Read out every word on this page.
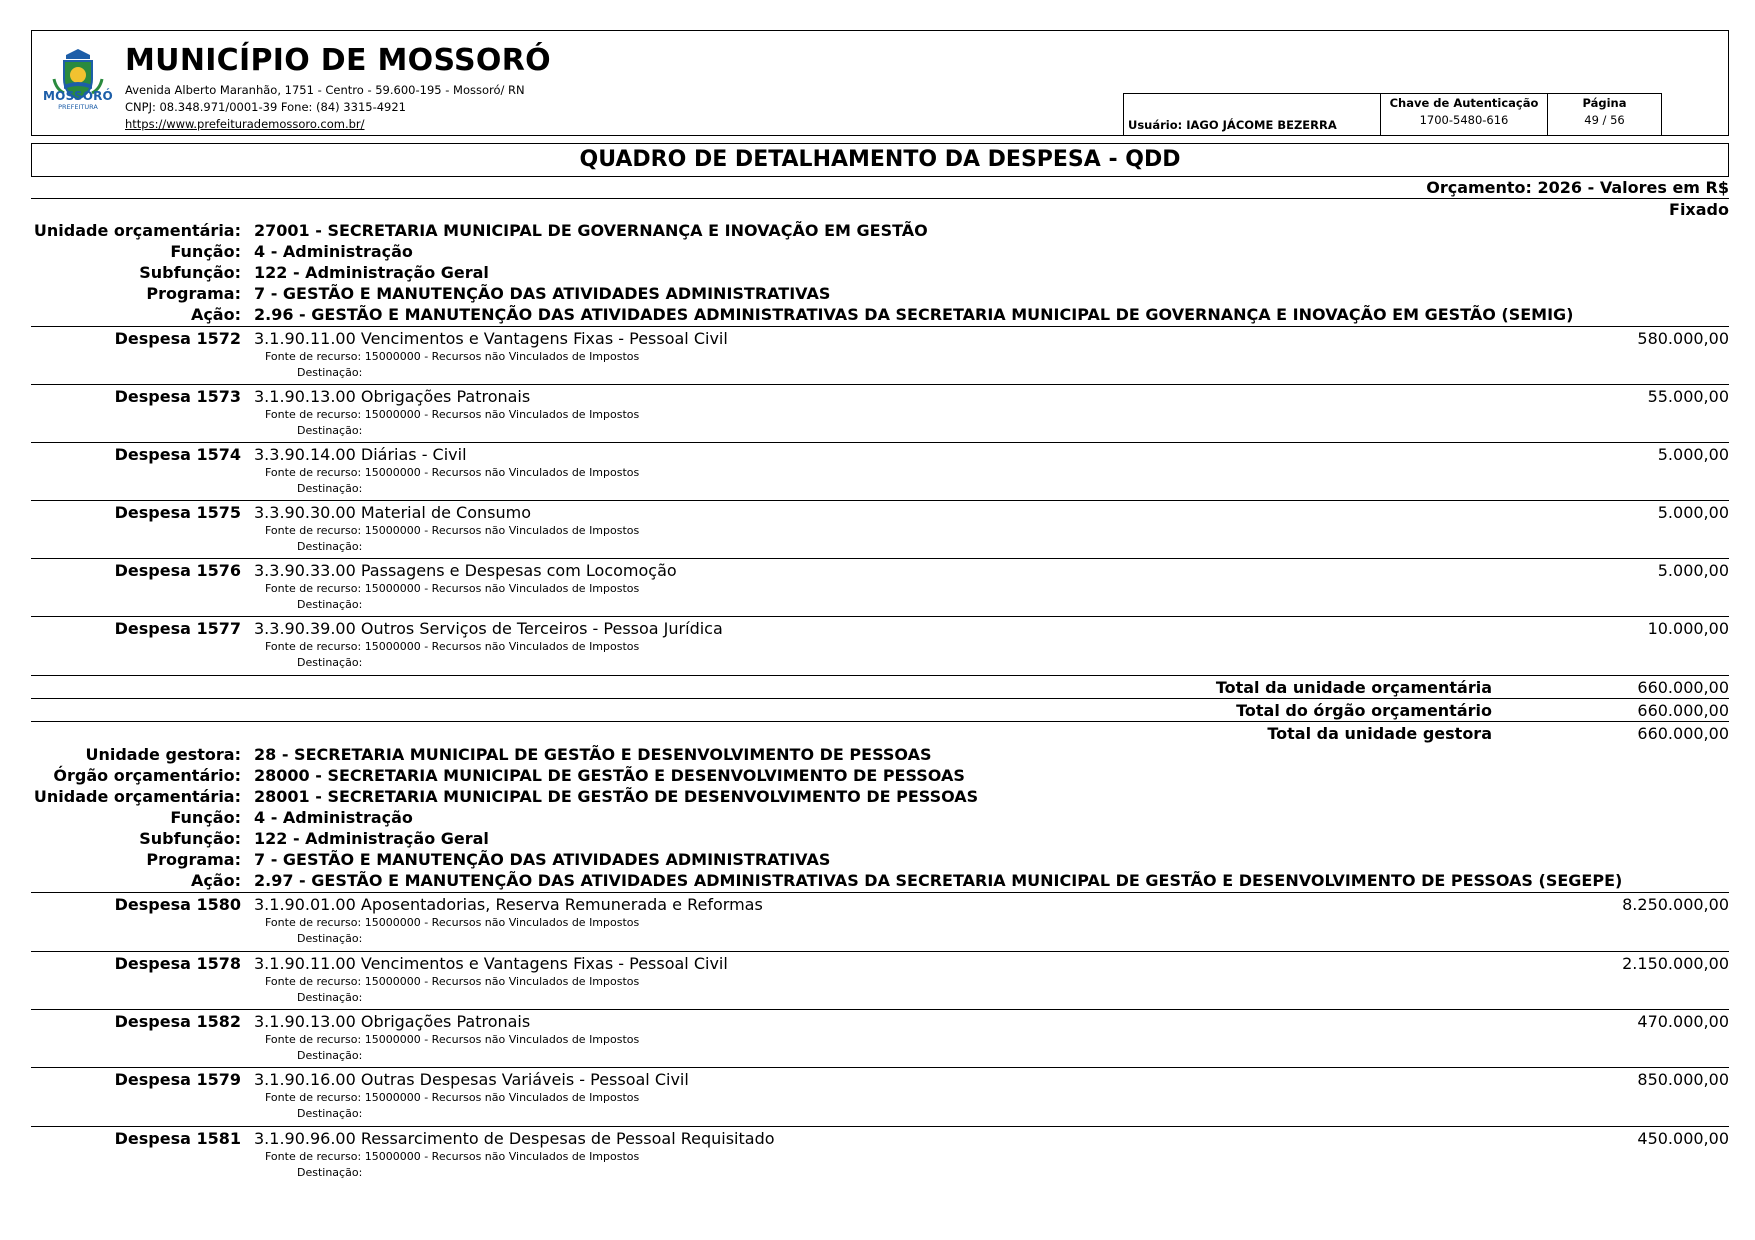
MOSSORÓ
PREFEITURA
MUNICÍPIO DE MOSSORÓ
Avenida Alberto Maranhão, 1751 - Centro - 59.600-195 - Mossoró/ RN
CNPJ: 08.348.971/0001-39 Fone: (84) 3315-4921
https://www.prefeiturademossoro.com.br/	Usuário: IAGO JÁCOME BEZERRA
Chave de Autenticação
1700-5480-616
Página
49 / 56
QUADRO DE DETALHAMENTO DA DESPESA - QDD
Orçamento: 2026 - Valores em R$
Fixado
Unidade orçamentária: 27001 - SECRETARIA MUNICIPAL DE GOVERNANÇA E INOVAÇÃO EM GESTÃO
Função: 4 - Administração
Subfunção: 122 - Administração Geral
Programa: 7 - GESTÃO E MANUTENÇÃO DAS ATIVIDADES ADMINISTRATIVAS
Ação: 2.96 - GESTÃO E MANUTENÇÃO DAS ATIVIDADES ADMINISTRATIVAS DA SECRETARIA MUNICIPAL DE GOVERNANÇA E INOVAÇÃO EM GESTÃO (SEMIG)
Despesa 1572 3.1.90.11.00 Vencimentos e Vantagens Fixas - Pessoal Civil
Fonte de recurso: 15000000 - Recursos não Vinculados de Impostos
Destinação:
580.000,00
Despesa 1573 3.1.90.13.00 Obrigações Patronais
Fonte de recurso: 15000000 - Recursos não Vinculados de Impostos
Destinação:
55.000,00
Despesa 1574 3.3.90.14.00 Diárias - Civil
Fonte de recurso: 15000000 - Recursos não Vinculados de Impostos
Destinação:
5.000,00
Despesa 1575 3.3.90.30.00 Material de Consumo
Fonte de recurso: 15000000 - Recursos não Vinculados de Impostos
Destinação:
5.000,00
Despesa 1576 3.3.90.33.00 Passagens e Despesas com Locomoção
Fonte de recurso: 15000000 - Recursos não Vinculados de Impostos
Destinação:
5.000,00
Despesa 1577 3.3.90.39.00 Outros Serviços de Terceiros - Pessoa Jurídica
Fonte de recurso: 15000000 - Recursos não Vinculados de Impostos
Destinação:
10.000,00
Total da unidade orçamentária	660.000,00
Total do órgão orçamentário	660.000,00
Total da unidade gestora	660.000,00
Unidade gestora: 28 - SECRETARIA MUNICIPAL DE GESTÃO E DESENVOLVIMENTO DE PESSOAS
Órgão orçamentário: 28000 - SECRETARIA MUNICIPAL DE GESTÃO E DESENVOLVIMENTO DE PESSOAS
Unidade orçamentária: 28001 - SECRETARIA MUNICIPAL DE GESTÃO DE DESENVOLVIMENTO DE PESSOAS
Função: 4 - Administração
Subfunção: 122 - Administração Geral
Programa: 7 - GESTÃO E MANUTENÇÃO DAS ATIVIDADES ADMINISTRATIVAS
Ação: 2.97 - GESTÃO E MANUTENÇÃO DAS ATIVIDADES ADMINISTRATIVAS DA SECRETARIA MUNICIPAL DE GESTÃO E DESENVOLVIMENTO DE PESSOAS (SEGEPE)
Despesa 1580 3.1.90.01.00 Aposentadorias, Reserva Remunerada e Reformas
Fonte de recurso: 15000000 - Recursos não Vinculados de Impostos
Destinação:
8.250.000,00
Despesa 1578 3.1.90.11.00 Vencimentos e Vantagens Fixas - Pessoal Civil
Fonte de recurso: 15000000 - Recursos não Vinculados de Impostos
Destinação:
2.150.000,00
Despesa 1582 3.1.90.13.00 Obrigações Patronais
Fonte de recurso: 15000000 - Recursos não Vinculados de Impostos
Destinação:
470.000,00
Despesa 1579 3.1.90.16.00 Outras Despesas Variáveis - Pessoal Civil
Fonte de recurso: 15000000 - Recursos não Vinculados de Impostos
Destinação:
850.000,00
Despesa 1581 3.1.90.96.00 Ressarcimento de Despesas de Pessoal Requisitado
Fonte de recurso: 15000000 - Recursos não Vinculados de Impostos
Destinação:
450.000,00
